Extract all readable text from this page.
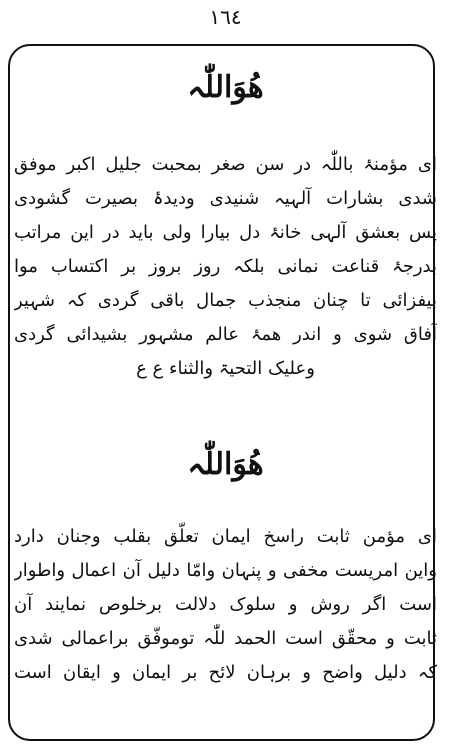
١٦٤
هُوَاللّٰہ
ای مؤمنۂ باللّٰہ در سن صغر بمحبت جلیل اکبر موفق
شدی بشارات آلہیہ شنیدی ودیدۂ بصیرت گشودی
پس بعشق آلہی خانۂ دل بیارا ولی باید در این مراتب
بدرجۂ قناعت نمانی بلکہ روز بروز بر اکتساب موا
بیفزائی تا چنان منجذب جمال باقی گردی کہ شہیر
آفاق شوی و اندر ھمۂ عالم مشہور بشیدائی گردی
وعلیک التحیۃ والثناء ع ع
هُوَاللّٰہ
ای مؤمن ثابت راسخ ایمان تعلّق بقلب وجنان دارد
واین امریست مخفی و پنہان وامّا دلیل آن اعمال واطوار
است اگر روش و سلوک دلالت برخلوص نمایند آن
ثابت و محقّق است الحمد للّٰہ توموفّق براعمالی شدی
کہ دلیل واضح و برہان لائح بر ایمان و ایقان است
